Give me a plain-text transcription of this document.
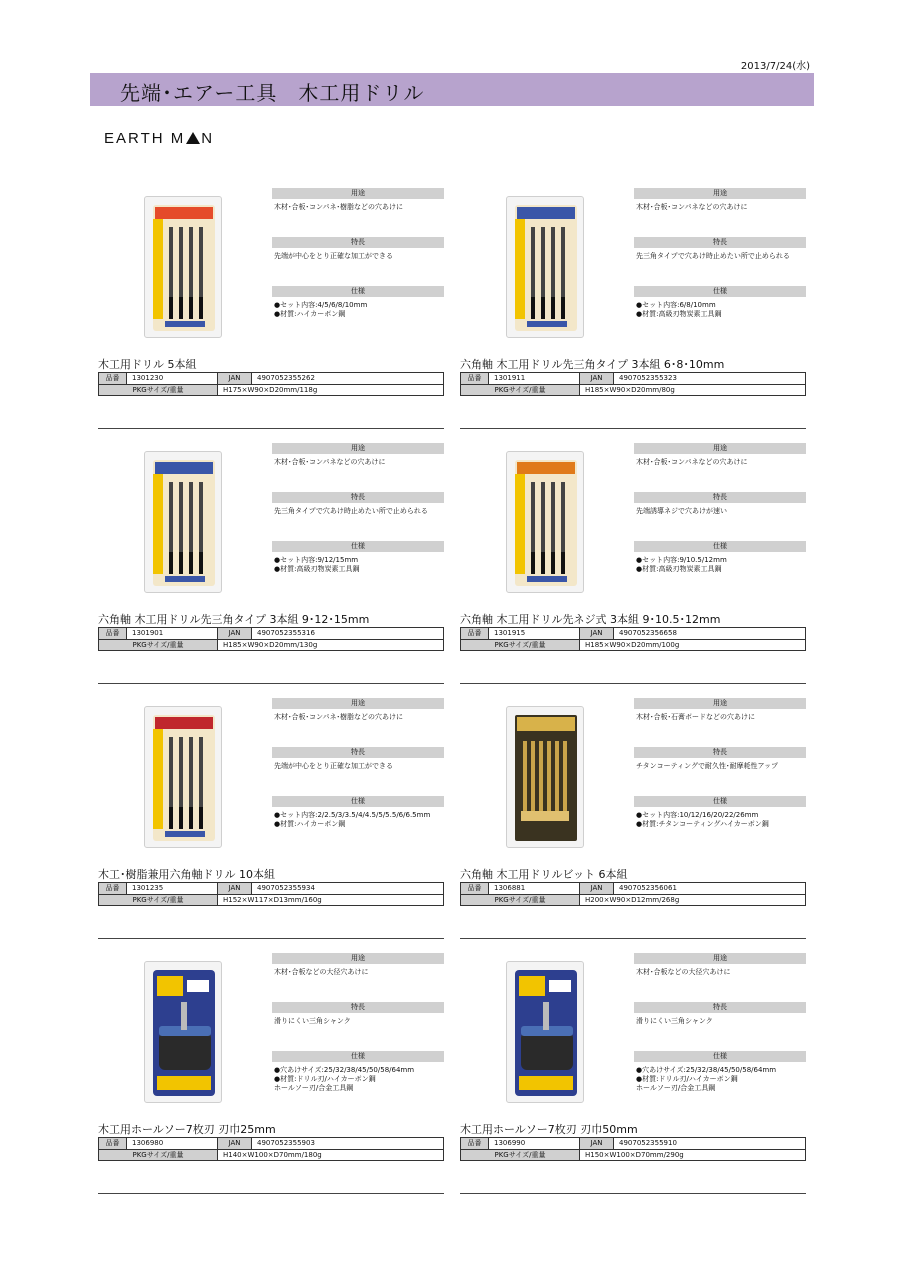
2013/7/24(水)
先端･エアー工具　木工用ドリル
EARTH M N
用途
木材･合板･コンパネ･樹脂などの穴あけに
特長
先端が中心をとり正確な加工ができる
仕様
●セット内容:4/5/6/8/10mm
●材質:ハイカーボン鋼
木工用ドリル 5本組
品番	1301230	JAN	4907052355262
PKGサイズ/重量	H175×W90×D20mm/118g
用途
木材･合板･コンパネなどの穴あけに
特長
先三角タイプで穴あけ時止めたい所で止められる
仕様
●セット内容:6/8/10mm
●材質:高級刃物炭素工具鋼
六角軸 木工用ドリル先三角タイプ 3本組 6･8･10mm
品番	1301911	JAN	4907052355323
PKGサイズ/重量	H185×W90×D20mm/80g
用途
木材･合板･コンパネなどの穴あけに
特長
先三角タイプで穴あけ時止めたい所で止められる
仕様
●セット内容:9/12/15mm
●材質:高級刃物炭素工具鋼
六角軸 木工用ドリル先三角タイプ 3本組 9･12･15mm
品番	1301901	JAN	4907052355316
PKGサイズ/重量	H185×W90×D20mm/130g
用途
木材･合板･コンパネなどの穴あけに
特長
先端誘導ネジで穴あけが速い
仕様
●セット内容:9/10.5/12mm
●材質:高級刃物炭素工具鋼
六角軸 木工用ドリル先ネジ式 3本組 9･10.5･12mm
品番	1301915	JAN	4907052356658
PKGサイズ/重量	H185×W90×D20mm/100g
用途
木材･合板･コンパネ･樹脂などの穴あけに
特長
先端が中心をとり正確な加工ができる
仕様
●セット内容:2/2.5/3/3.5/4/4.5/5/5.5/6/6.5mm
●材質:ハイカーボン鋼
木工･樹脂兼用六角軸ドリル 10本組
品番	1301235	JAN	4907052355934
PKGサイズ/重量	H152×W117×D13mm/160g
用途
木材･合板･石膏ボードなどの穴あけに
特長
チタンコーティングで耐久性･耐摩耗性アップ
仕様
●セット内容:10/12/16/20/22/26mm
●材質:チタンコーティングハイカーボン鋼
六角軸 木工用ドリルビット 6本組
品番	1306881	JAN	4907052356061
PKGサイズ/重量	H200×W90×D12mm/268g
用途
木材･合板などの大径穴あけに
特長
滑りにくい三角シャンク
仕様
●穴あけサイズ:25/32/38/45/50/58/64mm
●材質:ドリル刃/ハイカーボン鋼
ホールソー刃/合金工具鋼
木工用ホールソー7枚刃 刃巾25mm
品番	1306980	JAN	4907052355903
PKGサイズ/重量	H140×W100×D70mm/180g
用途
木材･合板などの大径穴あけに
特長
滑りにくい三角シャンク
仕様
●穴あけサイズ:25/32/38/45/50/58/64mm
●材質:ドリル刃/ハイカーボン鋼
ホールソー刃/合金工具鋼
木工用ホールソー7枚刃 刃巾50mm
品番	1306990	JAN	4907052355910
PKGサイズ/重量	H150×W100×D70mm/290g
